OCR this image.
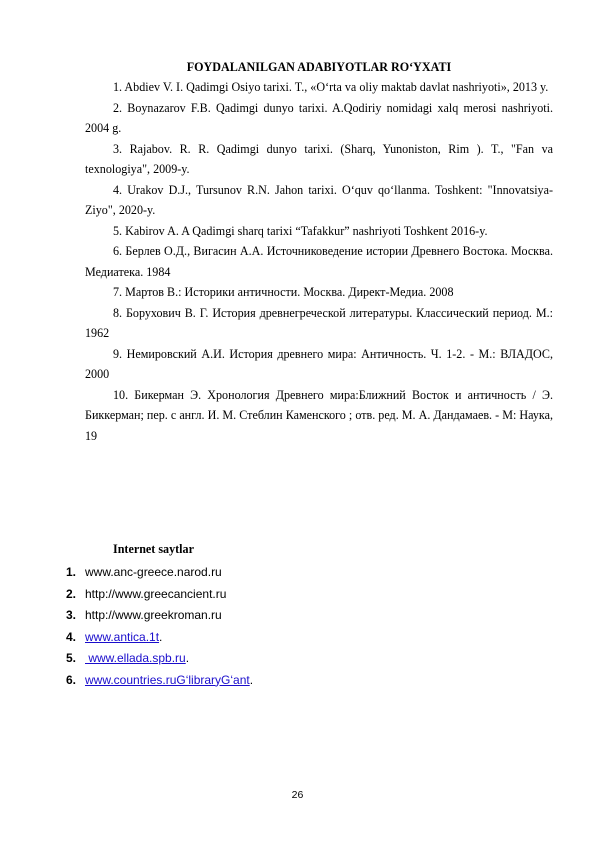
FOYDALANILGAN ADABIYOTLAR RO‘YXATI

1. Abdiev V. I. Qadimgi Osiyo tarixi. T., «O‘rta va oliy maktab davlat nashriyoti», 2013 y.

2. Boynazarov F.B. Qadimgi dunyo tarixi. A.Qodiriy nomidagi xalq merosi nashriyoti. 2004 g.

3. Rajabov. R. R. Qadimgi dunyo tarixi. (Sharq, Yunoniston, Rim ). T., "Fan va texnologiya", 2009-y.

4. Urakov D.J., Tursunov R.N. Jahon tarixi. O‘quv qo‘llanma. Toshkent: "Innovatsiya-Ziyo", 2020-y.

5. Kabirov A. A Qadimgi sharq tarixi “Tafakkur” nashriyoti Toshkent 2016-y.

6. Берлев О.Д., Вигасин А.А. Источниковедение истории Древнего Востока. Москва. Медиатека. 1984

7. Мартов В.: Историки античности. Москва. Директ-Медиа. 2008

8. Борухович В. Г. История древнегреческой литературы. Классический период. М.: 1962

9. Немировский А.И. История древнего мира: Античность. Ч. 1-2. - М.: ВЛАДОС, 2000

10. Бикерман Э. Хронология Древнего мира:Ближний Восток и античность / Э. Биккерман; пер. с англ. И. М. Стеблин Каменского ; отв. ред. М. А. Дандамаев. - М: Наука, 19

Internet saytlar
1. www.anc-greece.narod.ru
2. http://www.greecancient.ru
3. http://www.greekroman.ru
4. www.antica.1t.
5. www.ellada.spb.ru.
6. www.countries.ruG‘libraryG‘ant.
26
